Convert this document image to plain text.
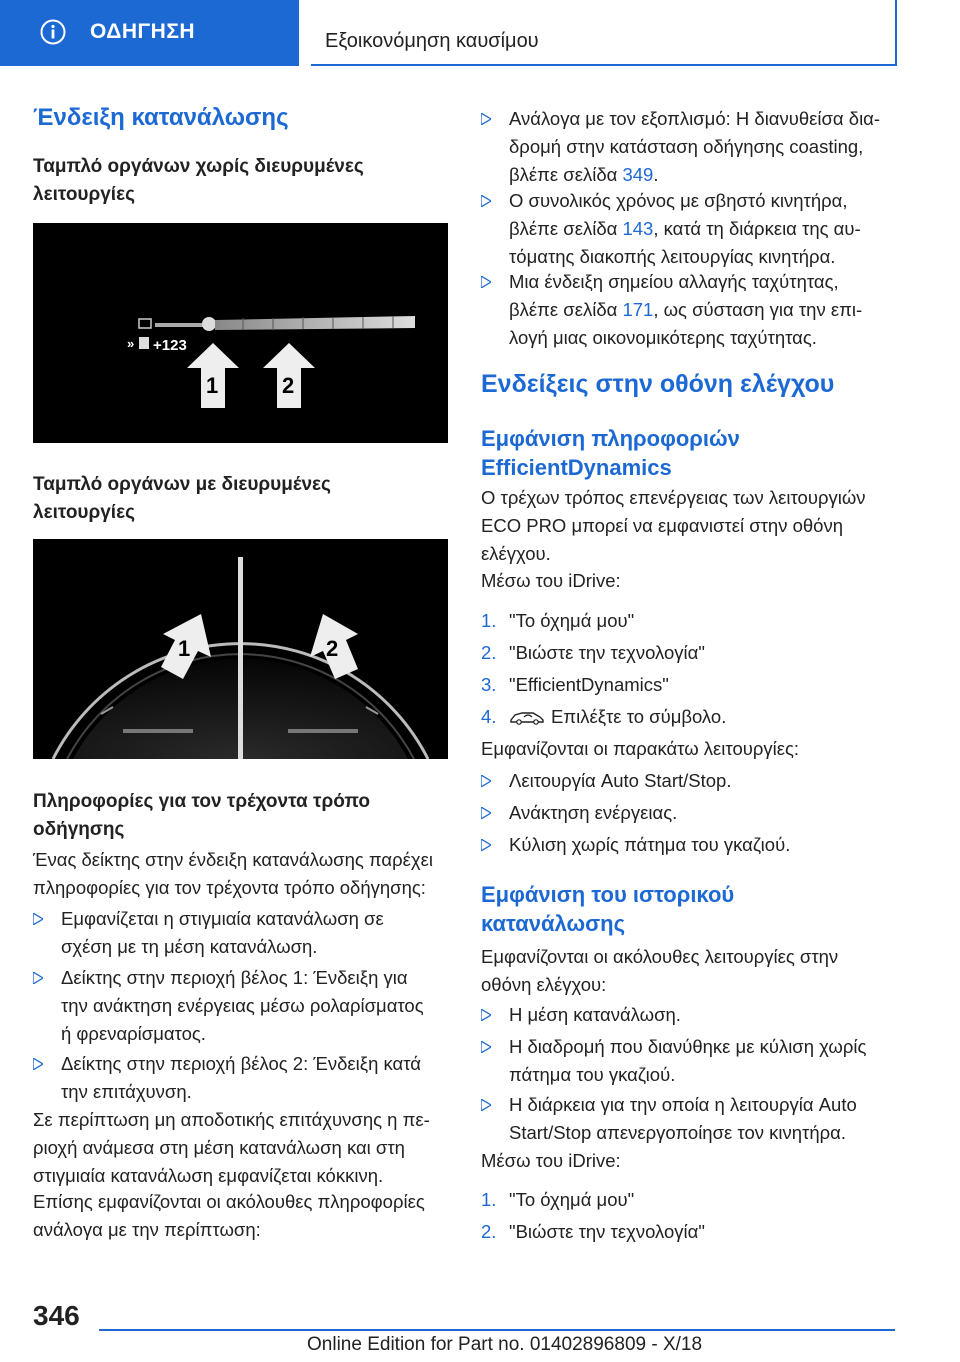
ΟΔΗΓΗΣΗ	Εξοικονόμηση καυσίμου
Ένδειξη κατανάλωσης
Ταμπλό οργάνων χωρίς διευρυμένες
λειτουργίες
» +123
1	2
Ταμπλό οργάνων με διευρυμένες
λειτουργίες
1	2
Πληροφορίες για τον τρέχοντα τρόπο
οδήγησης
Ένας δείκτης στην ένδειξη κατανάλωσης παρέχει
πληροφορίες για τον τρέχοντα τρόπο οδήγησης:
Εμφανίζεται η στιγμιαία κατανάλωση σε
σχέση με τη μέση κατανάλωση.
Δείκτης στην περιοχή βέλος 1: Ένδειξη για
την ανάκτηση ενέργειας μέσω ρολαρίσματος
ή φρεναρίσματος.
Δείκτης στην περιοχή βέλος 2: Ένδειξη κατά
την επιτάχυνση.
Σε περίπτωση μη αποδοτικής επιτάχυνσης η πε-
ριοχή ανάμεσα στη μέση κατανάλωση και στη
στιγμιαία κατανάλωση εμφανίζεται κόκκινη.
Επίσης εμφανίζονται οι ακόλουθες πληροφορίες
ανάλογα με την περίπτωση:
Ανάλογα με τον εξοπλισμό: Η διανυθείσα δια-
δρομή στην κατάσταση οδήγησης coasting,
βλέπε σελίδα 349.
Ο συνολικός χρόνος με σβηστό κινητήρα,
βλέπε σελίδα 143, κατά τη διάρκεια της αυ-
τόματης διακοπής λειτουργίας κινητήρα.
Μια ένδειξη σημείου αλλαγής ταχύτητας,
βλέπε σελίδα 171, ως σύσταση για την επι-
λογή μιας οικονομικότερης ταχύτητας.
Ενδείξεις στην οθόνη ελέγχου
Εμφάνιση πληροφοριών
EfficientDynamics
Ο τρέχων τρόπος επενέργειας των λειτουργιών
ECO PRO μπορεί να εμφανιστεί στην οθόνη
ελέγχου.
Μέσω του iDrive:
1. "Το όχημά μου"
2. "Βιώστε την τεχνολογία"
3. "EfficientDynamics"
4.	Επιλέξτε το σύμβολο.
Εμφανίζονται οι παρακάτω λειτουργίες:
Λειτουργία Auto Start/Stop.
Ανάκτηση ενέργειας.
Κύλιση χωρίς πάτημα του γκαζιού.
Εμφάνιση του ιστορικού
κατανάλωσης
Εμφανίζονται οι ακόλουθες λειτουργίες στην
οθόνη ελέγχου:
Η μέση κατανάλωση.
Η διαδρομή που διανύθηκε με κύλιση χωρίς
πάτημα του γκαζιού.
Η διάρκεια για την οποία η λειτουργία Auto
Start/Stop απενεργοποίησε τον κινητήρα.
Μέσω του iDrive:
1. "Το όχημά μου"
2. "Βιώστε την τεχνολογία"
346
Online Edition for Part no. 01402896809 - X/18
